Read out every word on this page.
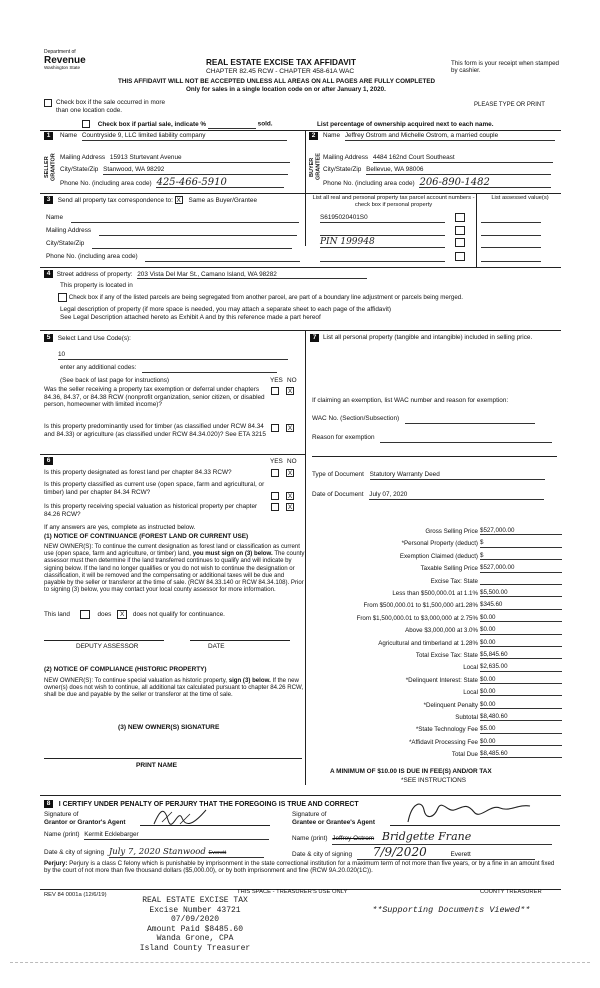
Department of
Revenue
Washington State
REAL ESTATE EXCISE TAX AFFIDAVIT
CHAPTER 82.45 RCW - CHAPTER 458-61A WAC
This form is your receipt when stamped by cashier.
THIS AFFIDAVIT WILL NOT BE ACCEPTED UNLESS ALL AREAS ON ALL PAGES ARE FULLY COMPLETED
Only for sales in a single location code on or after January 1, 2020.
PLEASE TYPE OR PRINT
Check box if the sale occurred in more than one location code.
Check box if partial sale, indicate %	sold.	List percentage of ownership acquired next to each name.
1
SELLER GRANTOR
Name Countryside 9, LLC limited liability company
Mailing Address 15913 Sturtevant Avenue
City/State/Zip Stanwood, WA 98292
Phone No. (including area code) 425-466-5910
2
BUYER GRANTEE
Name Jeffrey Ostrom and Michelle Ostrom, a married couple
Mailing Address 4484 162nd Court Southeast
City/State/Zip Bellevue, WA 98006
Phone No. (including area code) 206-890-1482
3 Send all property tax correspondence to: X Same as Buyer/Grantee
Name
Mailing Address
City/State/Zip
Phone No. (including area code)
List all real and personal property tax parcel account numbers - check box if personal property
List assessed value(s)
S6195020401S0

PIN 199948

4 Street address of property: 203 Vista Del Mar St., Camano Island, WA 98282
This property is located in
Check box if any of the listed parcels are being segregated from another parcel, are part of a boundary line adjustment or parcels being merged.
Legal description of property (if more space is needed, you may attach a separate sheet to each page of the affidavit)
See Legal Description attached hereto as Exhibit A and by this reference made a part hereof
5 Select Land Use Code(s):
10
enter any additional codes:
(See back of last page for instructions)	YES NO
Was the seller receiving a property tax exemption or deferral under chapters 84.36, 84.37, or 84.38 RCW (nonprofit organization, senior citizen, or disabled person, homeowner with limited income)?
X
Is this property predominantly used for timber (as classified under RCW 84.34 and 84.33) or agriculture (as classified under RCW 84.34.020)? See ETA 3215
X
6	YES NO
Is this property designated as forest land per chapter 84.33 RCW?	X
Is this property classified as current use (open space, farm and agricultural, or timber) land per chapter 84.34 RCW?
X
Is this property receiving special valuation as historical property per chapter 84.26 RCW?
X
If any answers are yes, complete as instructed below.
(1) NOTICE OF CONTINUANCE (FOREST LAND OR CURRENT USE)
NEW OWNER(S): To continue the current designation as forest land or classification as current use (open space, farm and agriculture, or timber) land, you must sign on (3) below. The county assessor must then determine if the land transferred continues to qualify and will indicate by signing below. If the land no longer qualifies or you do not wish to continue the designation or classification, it will be removed and the compensating or additional taxes will be due and payable by the seller or transferor at the time of sale. (RCW 84.33.140 or RCW 84.34.108). Prior to signing (3) below, you may contact your local county assessor for more information.
This land	does X does not qualify for continuance.
DEPUTY ASSESSOR	DATE
(2) NOTICE OF COMPLIANCE (HISTORIC PROPERTY)
NEW OWNER(S): To continue special valuation as historic property, sign (3) below. If the new owner(s) does not wish to continue, all additional tax calculated pursuant to chapter 84.26 RCW, shall be due and payable by the seller or transferor at the time of sale.
(3) NEW OWNER(S) SIGNATURE
PRINT NAME
7	List all personal property (tangible and intangible) included in selling price.
If claiming an exemption, list WAC number and reason for exemption:
WAC No. (Section/Subsection)
Reason for exemption
Type of Document Statutory Warranty Deed
Date of Document July 07, 2020
Gross Selling Price $527,000.00
*Personal Property (deduct) $
Exemption Claimed (deduct) $
Taxable Selling Price $527,000.00
Excise Tax: State
Less than $500,000.01 at 1.1% $5,500.00
From $500,000.01 to $1,500,000 at1.28% $345.60
From $1,500,000.01 to $3,000,000 at 2.75% $0.00
Above $3,000,000 at 3.0% $0.00
Agricultural and timberland at 1.28% $0.00
Total Excise Tax: State $5,845.60
Local $2,635.00
*Delinquent Interest: State $0.00
Local $0.00
*Delinquent Penalty $0.00
Subtotal $8,480.60
*State Technology Fee $5.00
*Affidavit Processing Fee $0.00
Total Due $8,485.60
A MINIMUM OF $10.00 IS DUE IN FEE(S) AND/OR TAX
*SEE INSTRUCTIONS
8 I CERTIFY UNDER PENALTY OF PERJURY THAT THE FOREGOING IS TRUE AND CORRECT
Signature of
Grantor or Grantor's Agent
Signature of
Grantee or Grantee's Agent
Name (print) Kermit Ecklebarger
Name (print) Jeffrey Ostrom Bridgette Frane
Date & city of signing July 7, 2020 Stanwood Everett	Date & city of signing 7/9/2020	Everett
Perjury: Perjury is a class C felony which is punishable by imprisonment in the state correctional institution for a maximum term of not more than five years, or by a fine in an amount fixed by the court of not more than five thousand dollars ($5,000.00), or by both imprisonment and fine (RCW 9A.20.020(1C)).
REV 84 0001a (12/6/19)	THIS SPACE - TREASURER'S USE ONLY	COUNTY TREASURER
REAL ESTATE EXCISE TAX
Excise Number 43721
07/09/2020
Amount Paid $8485.60
Wanda Grone, CPA
Island County Treasurer
**Supporting Documents Viewed**
